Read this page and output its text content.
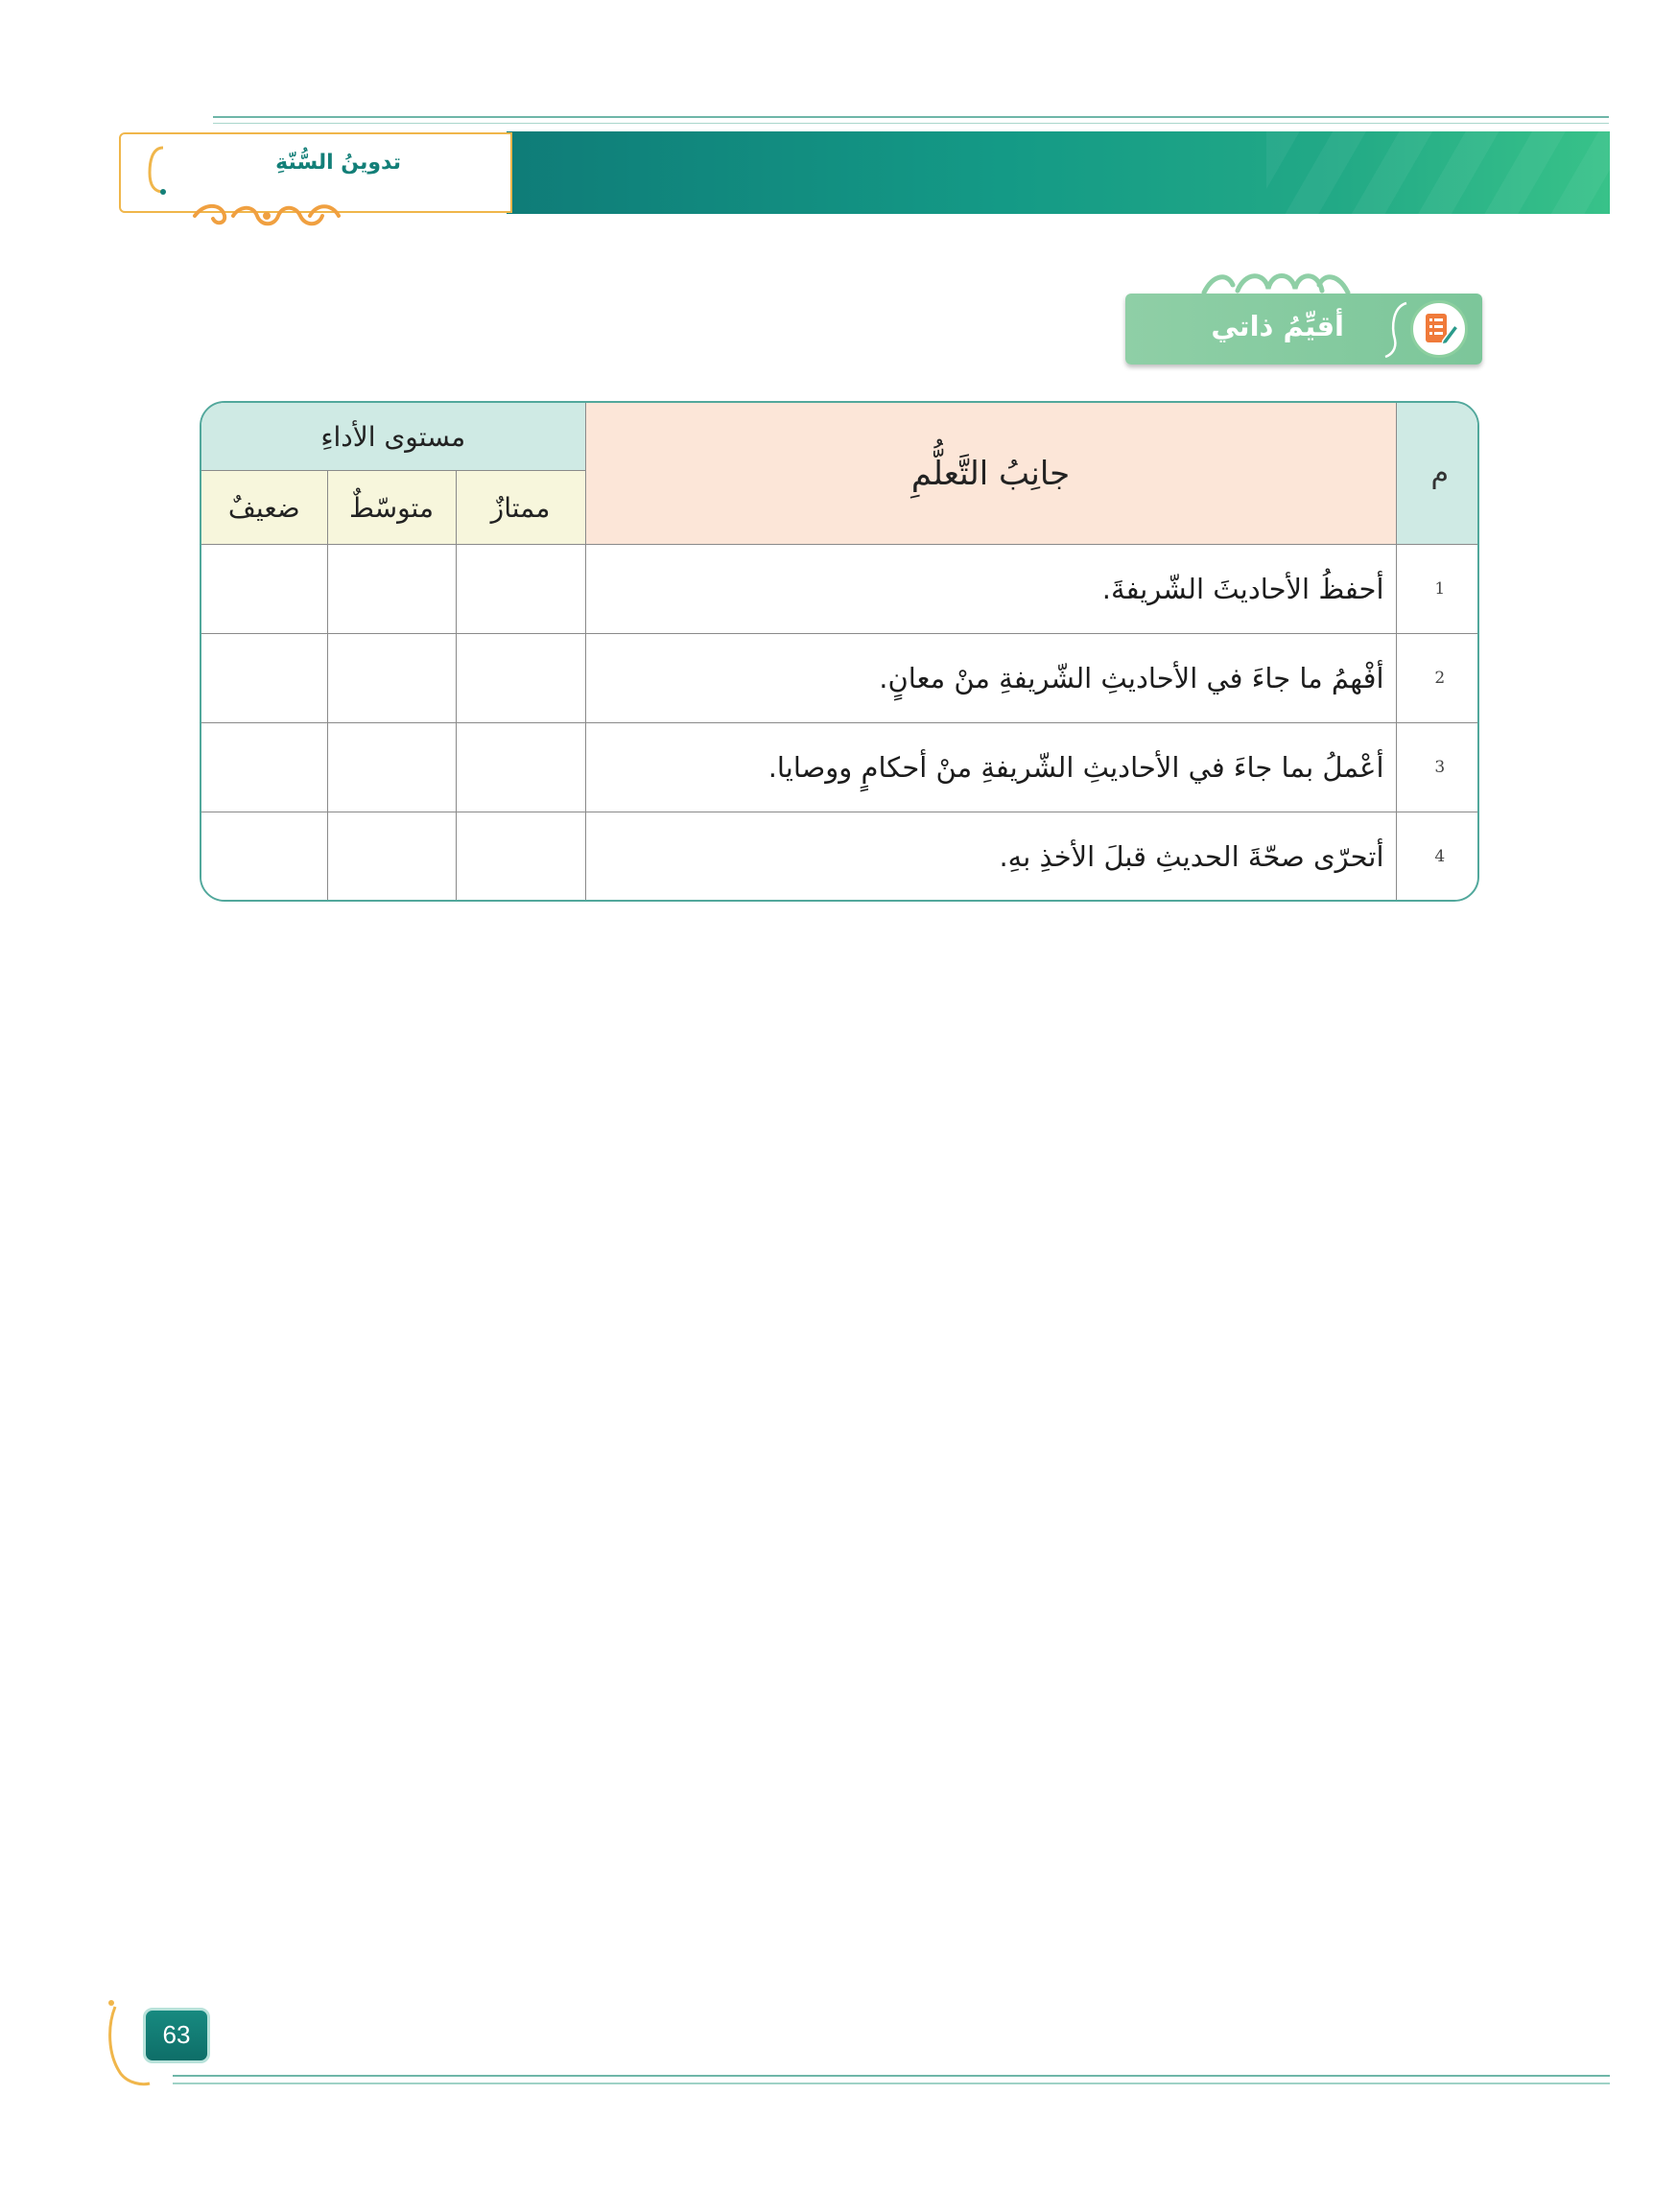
تدوينُ السُّنّةِ
أقيِّمُ ذاتي
م	جانِبُ التَّعلُّمِ	مستوى الأداءِ		
		ممتازٌ	متوسّطٌ	ضعيفٌ
1	أحفظُ الأحاديثَ الشّريفةَ.			
2	أفْهمُ ما جاءَ في الأحاديثِ الشّريفةِ منْ معانٍ.			
3	أعْملُ بما جاءَ في الأحاديثِ الشّريفةِ منْ أحكامٍ ووصايا.			
4	أتحرّى صحّةَ الحديثِ قبلَ الأخذِ بهِ.			
63
